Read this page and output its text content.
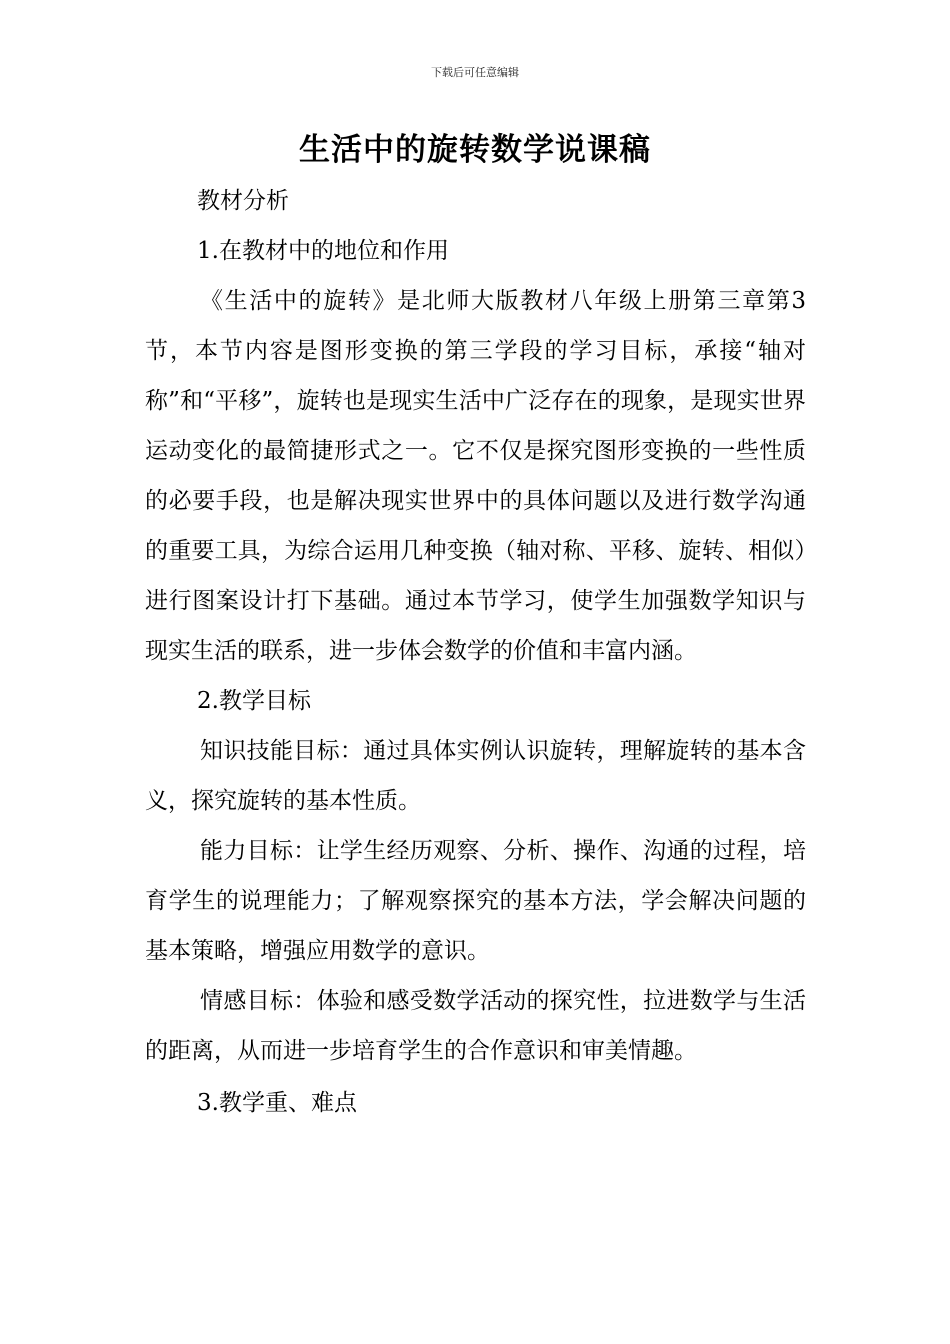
下载后可任意编辑
生活中的旋转数学说课稿

教材分析

1.在教材中的地位和作用

《生活中的旋转》是北师大版教材八年级上册第三章第3节，本节内容是图形变换的第三学段的学习目标，承接“轴对称”和“平移”，旋转也是现实生活中广泛存在的现象，是现实世界运动变化的最简捷形式之一。它不仅是探究图形变换的一些性质的必要手段，也是解决现实世界中的具体问题以及进行数学沟通的重要工具，为综合运用几种变换（轴对称、平移、旋转、相似）进行图案设计打下基础。通过本节学习，使学生加强数学知识与现实生活的联系，进一步体会数学的价值和丰富内涵。

2.教学目标

知识技能目标：通过具体实例认识旋转，理解旋转的基本含义，探究旋转的基本性质。

能力目标：让学生经历观察、分析、操作、沟通的过程，培育学生的说理能力；了解观察探究的基本方法，学会解决问题的基本策略，增强应用数学的意识。

情感目标：体验和感受数学活动的探究性，拉进数学与生活的距离，从而进一步培育学生的合作意识和审美情趣。

3.教学重、难点
